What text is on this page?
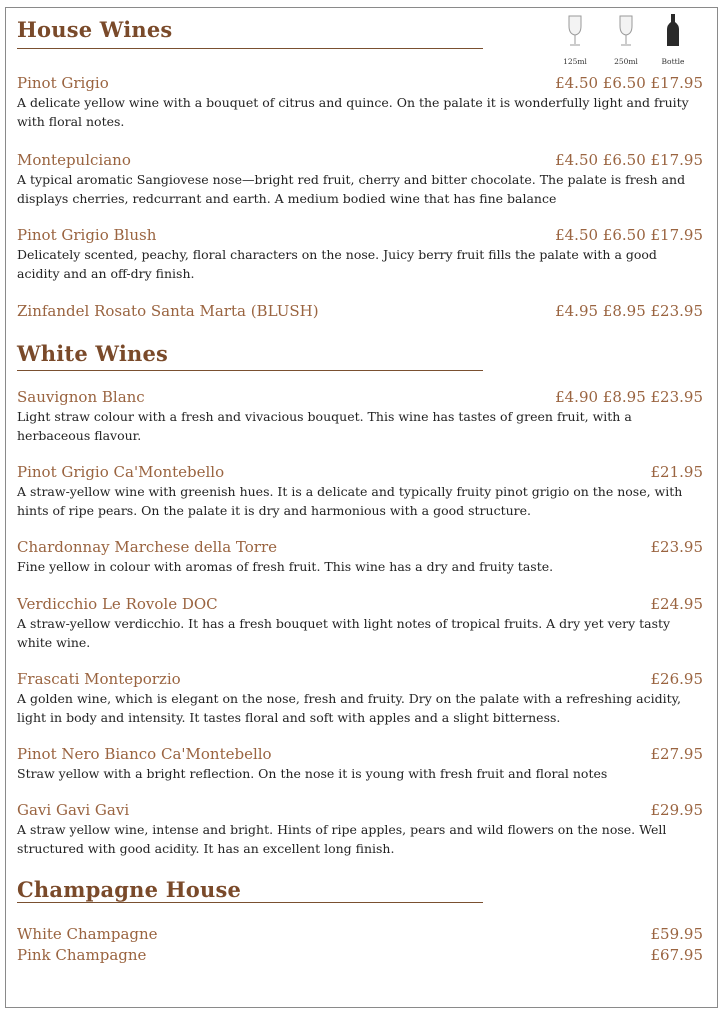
House Wines
125ml	250ml	Bottle
Pinot Grigio	£4.50 £6.50 £17.95
A delicate yellow wine with a bouquet of citrus and quince. On the palate it is wonderfully light and fruity with floral notes.
Montepulciano	£4.50 £6.50 £17.95
A typical aromatic Sangiovese nose—bright red fruit, cherry and bitter chocolate. The palate is fresh and displays cherries, redcurrant and earth. A medium bodied wine that has fine balance
Pinot Grigio Blush	£4.50 £6.50 £17.95
Delicately scented, peachy, floral characters on the nose. Juicy berry fruit fills the palate with a good acidity and an off-dry finish.
Zinfandel Rosato Santa Marta (BLUSH)	£4.95 £8.95 £23.95
White Wines
Sauvignon Blanc	£4.90 £8.95 £23.95
Light straw colour with a fresh and vivacious bouquet. This wine has tastes of green fruit, with a herbaceous flavour.
Pinot Grigio Ca'Montebello	£21.95
A straw-yellow wine with greenish hues. It is a delicate and typically fruity pinot grigio on the nose, with hints of ripe pears. On the palate it is dry and harmonious with a good structure.
Chardonnay Marchese della Torre	£23.95
Fine yellow in colour with aromas of fresh fruit. This wine has a dry and fruity taste.
Verdicchio Le Rovole DOC	£24.95
A straw-yellow verdicchio. It has a fresh bouquet with light notes of tropical fruits. A dry yet very tasty white wine.
Frascati Monteporzio	£26.95
A golden wine, which is elegant on the nose, fresh and fruity. Dry on the palate with a refreshing acidity, light in body and intensity. It tastes floral and soft with apples and a slight bitterness.
Pinot Nero Bianco Ca'Montebello	£27.95
Straw yellow with a bright reflection. On the nose it is young with fresh fruit and floral notes
Gavi Gavi Gavi	£29.95
A straw yellow wine, intense and bright. Hints of ripe apples, pears and wild flowers on the nose. Well structured with good acidity. It has an excellent long finish.
Champagne House
White Champagne	£59.95
Pink Champagne	£67.95
